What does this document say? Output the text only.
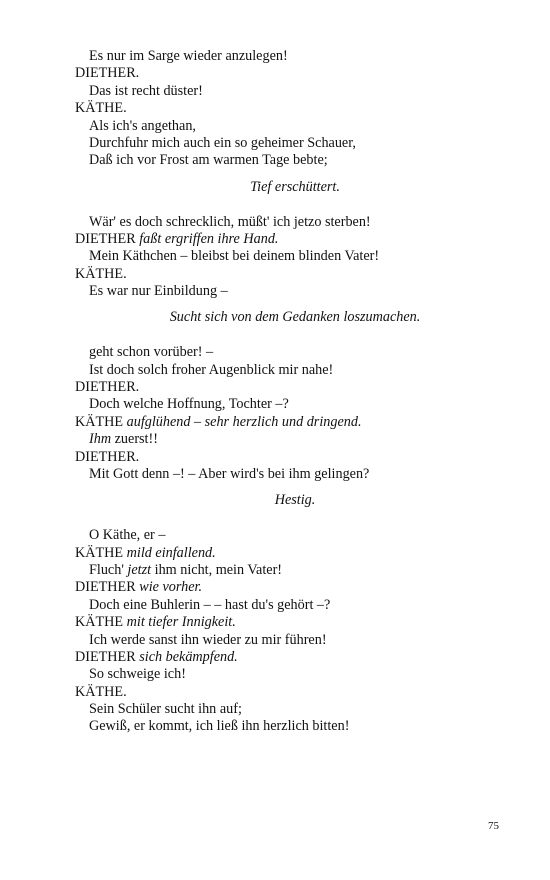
Es nur im Sarge wieder anzulegen!
DIETHER.
Das ist recht düster!
KÄTHE.
Als ich's angethan,
Durchfuhr mich auch ein so geheimer Schauer,
Daß ich vor Frost am warmen Tage bebte;
Tief erschüttert.
Wär' es doch schrecklich, müßt' ich jetzo sterben!
DIETHER faßt ergriffen ihre Hand.
Mein Käthchen – bleibst bei deinem blinden Vater!
KÄTHE.
Es war nur Einbildung –
Sucht sich von dem Gedanken loszumachen.
geht schon vorüber! –
Ist doch solch froher Augenblick mir nahe!
DIETHER.
Doch welche Hoffnung, Tochter –?
KÄTHE aufglühend – sehr herzlich und dringend.
Ihm zuerst!!
DIETHER.
Mit Gott denn –! – Aber wird's bei ihm gelingen?
Hestig.
O Käthe, er –
KÄTHE mild einfallend.
Fluch' jetzt ihm nicht, mein Vater!
DIETHER wie vorher.
Doch eine Buhlerin – – hast du's gehört –?
KÄTHE mit tiefer Innigkeit.
Ich werde sanst ihn wieder zu mir führen!
DIETHER sich bekämpfend.
So schweige ich!
KÄTHE.
Sein Schüler sucht ihn auf;
Gewiß, er kommt, ich ließ ihn herzlich bitten!
75
